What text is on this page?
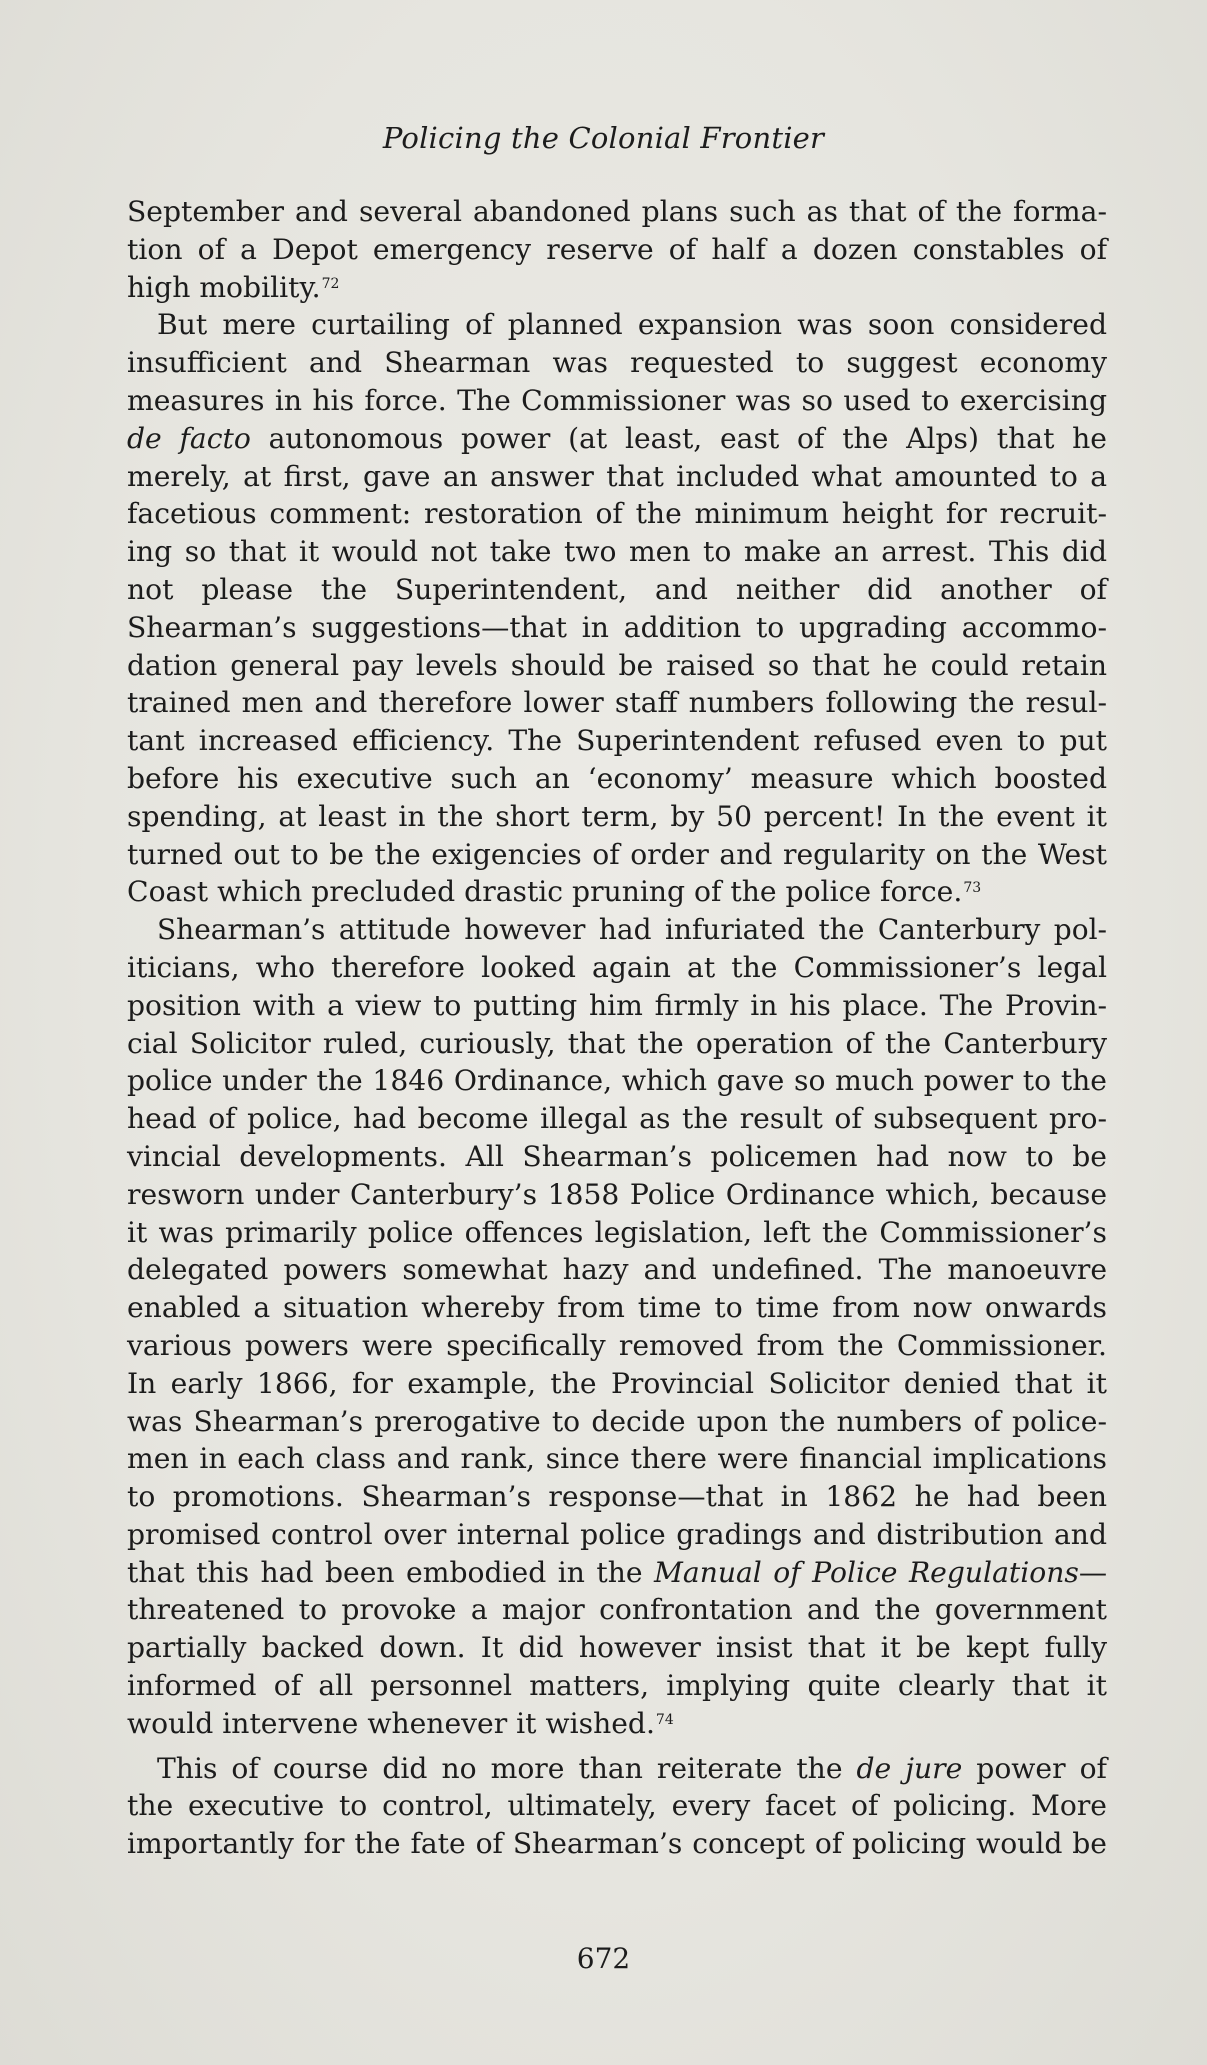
Policing the Colonial Frontier
September and several abandoned plans such as that of the forma-
tion of a Depot emergency reserve of half a dozen constables of
high mobility.$^{72}$
But mere curtailing of planned expansion was soon considered
insufficient and Shearman was requested to suggest economy
measures in his force. The Commissioner was so used to exercising
de facto autonomous power (at least, east of the Alps) that he
merely, at first, gave an answer that included what amounted to a
facetious comment: restoration of the minimum height for recruit-
ing so that it would not take two men to make an arrest. This did
not please the Superintendent, and neither did another of
Shearman’s suggestions—that in addition to upgrading accommo-
dation general pay levels should be raised so that he could retain
trained men and therefore lower staff numbers following the resul-
tant increased efficiency. The Superintendent refused even to put
before his executive such an ‘economy’ measure which boosted
spending, at least in the short term, by 50 percent! In the event it
turned out to be the exigencies of order and regularity on the West
Coast which precluded drastic pruning of the police force.$^{73}$
Shearman’s attitude however had infuriated the Canterbury pol-
iticians, who therefore looked again at the Commissioner’s legal
position with a view to putting him firmly in his place. The Provin-
cial Solicitor ruled, curiously, that the operation of the Canterbury
police under the 1846 Ordinance, which gave so much power to the
head of police, had become illegal as the result of subsequent pro-
vincial developments. All Shearman’s policemen had now to be
resworn under Canterbury’s 1858 Police Ordinance which, because
it was primarily police offences legislation, left the Commissioner’s
delegated powers somewhat hazy and undefined. The manoeuvre
enabled a situation whereby from time to time from now onwards
various powers were specifically removed from the Commissioner.
In early 1866, for example, the Provincial Solicitor denied that it
was Shearman’s prerogative to decide upon the numbers of police-
men in each class and rank, since there were financial implications
to promotions. Shearman’s response—that in 1862 he had been
promised control over internal police gradings and distribution and
that this had been embodied in the Manual of Police Regulations—
threatened to provoke a major confrontation and the government
partially backed down. It did however insist that it be kept fully
informed of all personnel matters, implying quite clearly that it
would intervene whenever it wished.$^{74}$
This of course did no more than reiterate the de jure power of
the executive to control, ultimately, every facet of policing. More
importantly for the fate of Shearman’s concept of policing would be
672
